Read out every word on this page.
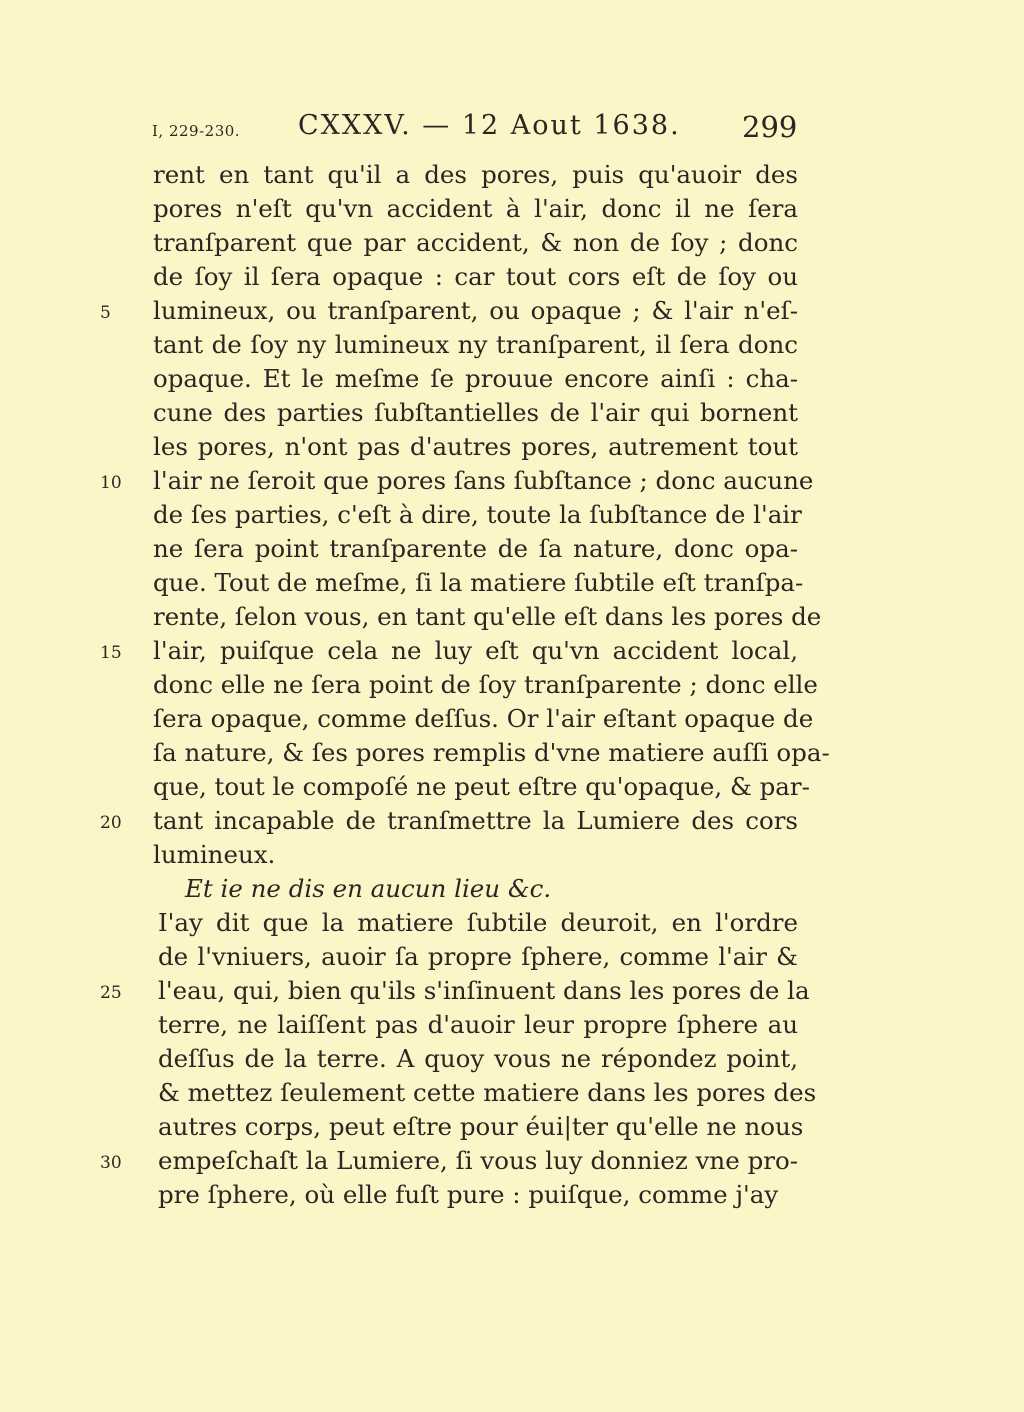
I, 229-230. CXXXV. — 12 Aout 1638. 299
rent en tant qu'il a des pores, puis qu'auoir des
pores n'eſt qu'vn accident à l'air, donc il ne ſera
tranſparent que par accident, & non de ſoy ; donc
de ſoy il ſera opaque : car tout cors eſt de ſoy ou
5	lumineux, ou tranſparent, ou opaque ; & l'air n'eſ-
tant de ſoy ny lumineux ny tranſparent, il ſera donc
opaque. Et le meſme ſe prouue encore ainſi : cha-
cune des parties ſubſtantielles de l'air qui bornent
les pores, n'ont pas d'autres pores, autrement tout
10	l'air ne ſeroit que pores ſans ſubſtance ; donc aucune
de ſes parties, c'eſt à dire, toute la ſubſtance de l'air
ne ſera point tranſparente de ſa nature, donc opa-
que. Tout de meſme, ſi la matiere ſubtile eſt tranſpa-
rente, ſelon vous, en tant qu'elle eſt dans les pores de
15	l'air, puiſque cela ne luy eſt qu'vn accident local,
donc elle ne ſera point de ſoy tranſparente ; donc elle
ſera opaque, comme deſſus. Or l'air eſtant opaque de
ſa nature, & ſes pores remplis d'vne matiere auſſi opa-
que, tout le compoſé ne peut eſtre qu'opaque, & par-
20	tant incapable de tranſmettre la Lumiere des cors
lumineux.
Et ie ne dis en aucun lieu &c.
I'ay dit que la matiere ſubtile deuroit, en l'ordre
de l'vniuers, auoir ſa propre ſphere, comme l'air &
25	l'eau, qui, bien qu'ils s'inſinuent dans les pores de la
terre, ne laiſſent pas d'auoir leur propre ſphere au
deſſus de la terre. A quoy vous ne répondez point,
& mettez ſeulement cette matiere dans les pores des
autres corps, peut eſtre pour éui|ter qu'elle ne nous
30	empeſchaſt la Lumiere, ſi vous luy donniez vne pro-
pre ſphere, où elle fuſt pure : puiſque, comme j'ay
